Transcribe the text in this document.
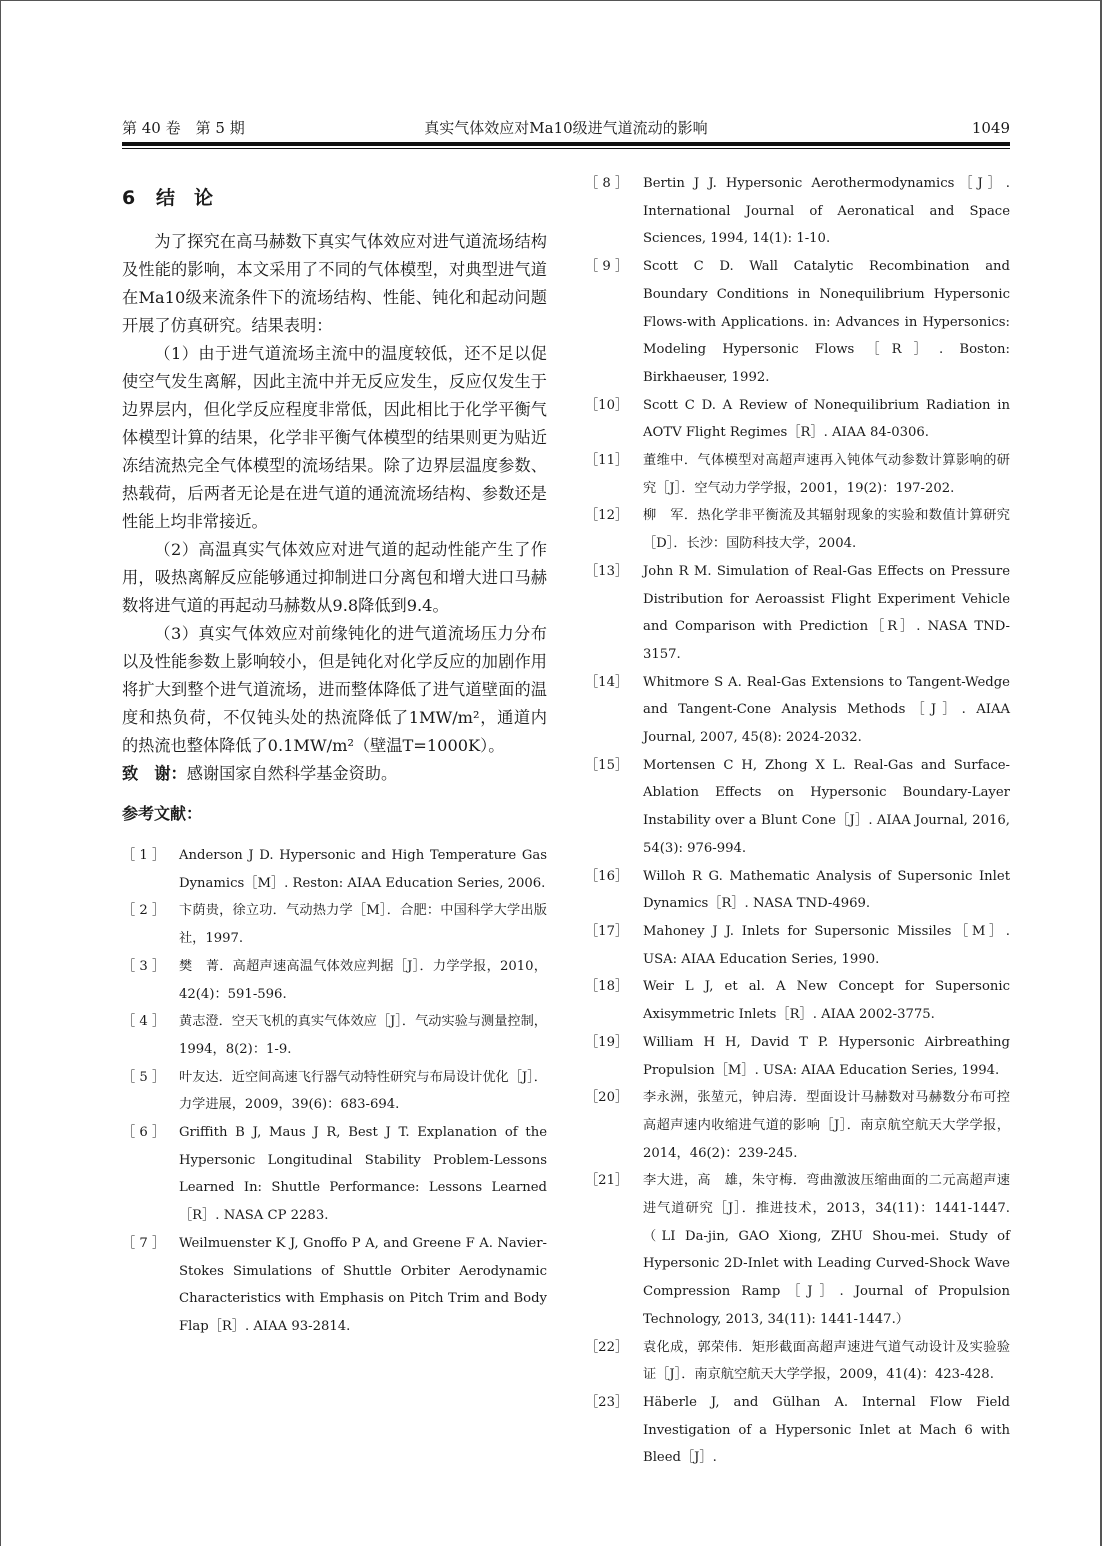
第 40 卷　第 5 期	真实气体效应对Ma10级进气道流动的影响	1049
6 结　论

为了探究在高马赫数下真实气体效应对进气道流场结构及性能的影响，本文采用了不同的气体模型，对典型进气道在Ma10级来流条件下的流场结构、性能、钝化和起动问题开展了仿真研究。结果表明：

（1）由于进气道流场主流中的温度较低，还不足以促使空气发生离解，因此主流中并无反应发生，反应仅发生于边界层内，但化学反应程度非常低，因此相比于化学平衡气体模型计算的结果，化学非平衡气体模型的结果则更为贴近冻结流热完全气体模型的流场结果。除了边界层温度参数、热载荷，后两者无论是在进气道的通流流场结构、参数还是性能上均非常接近。

（2）高温真实气体效应对进气道的起动性能产生了作用，吸热离解反应能够通过抑制进口分离包和增大进口马赫数将进气道的再起动马赫数从9.8降低到9.4。

（3）真实气体效应对前缘钝化的进气道流场压力分布以及性能参数上影响较小，但是钝化对化学反应的加剧作用将扩大到整个进气道流场，进而整体降低了进气道壁面的温度和热负荷，不仅钝头处的热流降低了1MW/m²，通道内的热流也整体降低了0.1MW/m²（壁温T=1000K）。

致　谢：感谢国家自然科学基金资助。

参考文献：
［ 1 ］	Anderson J D. Hypersonic and High Temperature Gas Dynamics［M］. Reston: AIAA Education Series, 2006.
［ 2 ］	卞荫贵，徐立功．气动热力学［M］．合肥：中国科学大学出版社，1997.
［ 3 ］	樊　菁．高超声速高温气体效应判据［J］．力学学报，2010，42(4)：591-596.
［ 4 ］	黄志澄．空天飞机的真实气体效应［J］．气动实验与测量控制，1994，8(2)：1-9.
［ 5 ］	叶友达．近空间高速飞行器气动特性研究与布局设计优化［J］．力学进展，2009，39(6)：683-694.
［ 6 ］	Griffith B J, Maus J R, Best J T. Explanation of the Hypersonic Longitudinal Stability Problem-Lessons Learned In: Shuttle Performance: Lessons Learned［R］. NASA CP 2283.
［ 7 ］	Weilmuenster K J, Gnoffo P A, and Greene F A. Navier-Stokes Simulations of Shuttle Orbiter Aerodynamic Characteristics with Emphasis on Pitch Trim and Body Flap［R］. AIAA 93-2814.
［ 8 ］	Bertin J J. Hypersonic Aerothermodynamics［J］. International Journal of Aeronatical and Space Sciences, 1994, 14(1): 1-10.
［ 9 ］	Scott C D. Wall Catalytic Recombination and Boundary Conditions in Nonequilibrium Hypersonic Flows-with Applications. in: Advances in Hypersonics: Modeling Hypersonic Flows［R］. Boston: Birkhaeuser, 1992.
［10］	Scott C D. A Review of Nonequilibrium Radiation in AOTV Flight Regimes［R］. AIAA 84-0306.
［11］	董维中．气体模型对高超声速再入钝体气动参数计算影响的研究［J］．空气动力学学报，2001，19(2)：197-202.
［12］	柳　军．热化学非平衡流及其辐射现象的实验和数值计算研究［D］．长沙：国防科技大学，2004.
［13］	John R M. Simulation of Real-Gas Effects on Pressure Distribution for Aeroassist Flight Experiment Vehicle and Comparison with Prediction［R］. NASA TND-3157.
［14］	Whitmore S A. Real-Gas Extensions to Tangent-Wedge and Tangent-Cone Analysis Methods［J］. AIAA Journal, 2007, 45(8): 2024-2032.
［15］	Mortensen C H, Zhong X L. Real-Gas and Surface-Ablation Effects on Hypersonic Boundary-Layer Instability over a Blunt Cone［J］. AIAA Journal, 2016, 54(3): 976-994.
［16］	Willoh R G. Mathematic Analysis of Supersonic Inlet Dynamics［R］. NASA TND-4969.
［17］	Mahoney J J. Inlets for Supersonic Missiles［M］. USA: AIAA Education Series, 1990.
［18］	Weir L J, et al. A New Concept for Supersonic Axisymmetric Inlets［R］. AIAA 2002-3775.
［19］	William H H, David T P. Hypersonic Airbreathing Propulsion［M］. USA: AIAA Education Series, 1994.
［20］	李永洲，张堃元，钟启涛．型面设计马赫数对马赫数分布可控高超声速内收缩进气道的影响［J］．南京航空航天大学学报，2014，46(2)：239-245.
［21］	李大进，高　雄，朱守梅．弯曲激波压缩曲面的二元高超声速进气道研究［J］．推进技术，2013，34(11)：1441-1447.（LI Da-jin, GAO Xiong, ZHU Shou-mei. Study of Hypersonic 2D-Inlet with Leading Curved-Shock Wave Compression Ramp［J］. Journal of Propulsion Technology, 2013, 34(11): 1441-1447.）
［22］	袁化成，郭荣伟．矩形截面高超声速进气道气动设计及实验验证［J］．南京航空航天大学学报，2009，41(4)：423-428.
［23］	Häberle J, and Gülhan A. Internal Flow Field Investigation of a Hypersonic Inlet at Mach 6 with Bleed［J］.
